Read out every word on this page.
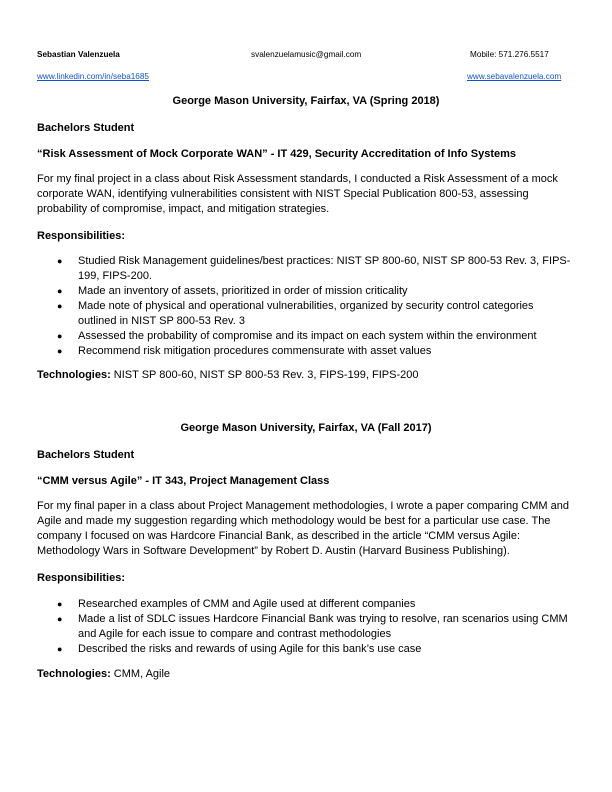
Sebastian Valenzuela	svalenzuelamusic@gmail.com	Mobile: 571.276.5517
www.linkedin.com/in/seba1685	www.sebavalenzuela.com
George Mason University, Fairfax, VA (Spring 2018)
Bachelors Student
“Risk Assessment of Mock Corporate WAN” - IT 429, Security Accreditation of Info Systems
For my final project in a class about Risk Assessment standards, I conducted a Risk Assessment of a mock corporate WAN, identifying vulnerabilities consistent with NIST Special Publication 800-53, assessing probability of compromise, impact, and mitigation strategies.
Responsibilities:
● Studied Risk Management guidelines/best practices: NIST SP 800-60, NIST SP 800-53 Rev. 3, FIPS-199, FIPS-200.
● Made an inventory of assets, prioritized in order of mission criticality
● Made note of physical and operational vulnerabilities, organized by security control categories outlined in NIST SP 800-53 Rev. 3
● Assessed the probability of compromise and its impact on each system within the environment
● Recommend risk mitigation procedures commensurate with asset values
Technologies: NIST SP 800-60, NIST SP 800-53 Rev. 3, FIPS-199, FIPS-200
George Mason University, Fairfax, VA (Fall 2017)
Bachelors Student
“CMM versus Agile” - IT 343, Project Management Class
For my final paper in a class about Project Management methodologies, I wrote a paper comparing CMM and Agile and made my suggestion regarding which methodology would be best for a particular use case. The company I focused on was Hardcore Financial Bank, as described in the article “CMM versus Agile: Methodology Wars in Software Development” by Robert D. Austin (Harvard Business Publishing).
Responsibilities:
● Researched examples of CMM and Agile used at different companies
● Made a list of SDLC issues Hardcore Financial Bank was trying to resolve, ran scenarios using CMM and Agile for each issue to compare and contrast methodologies
● Described the risks and rewards of using Agile for this bank’s use case
Technologies: CMM, Agile
